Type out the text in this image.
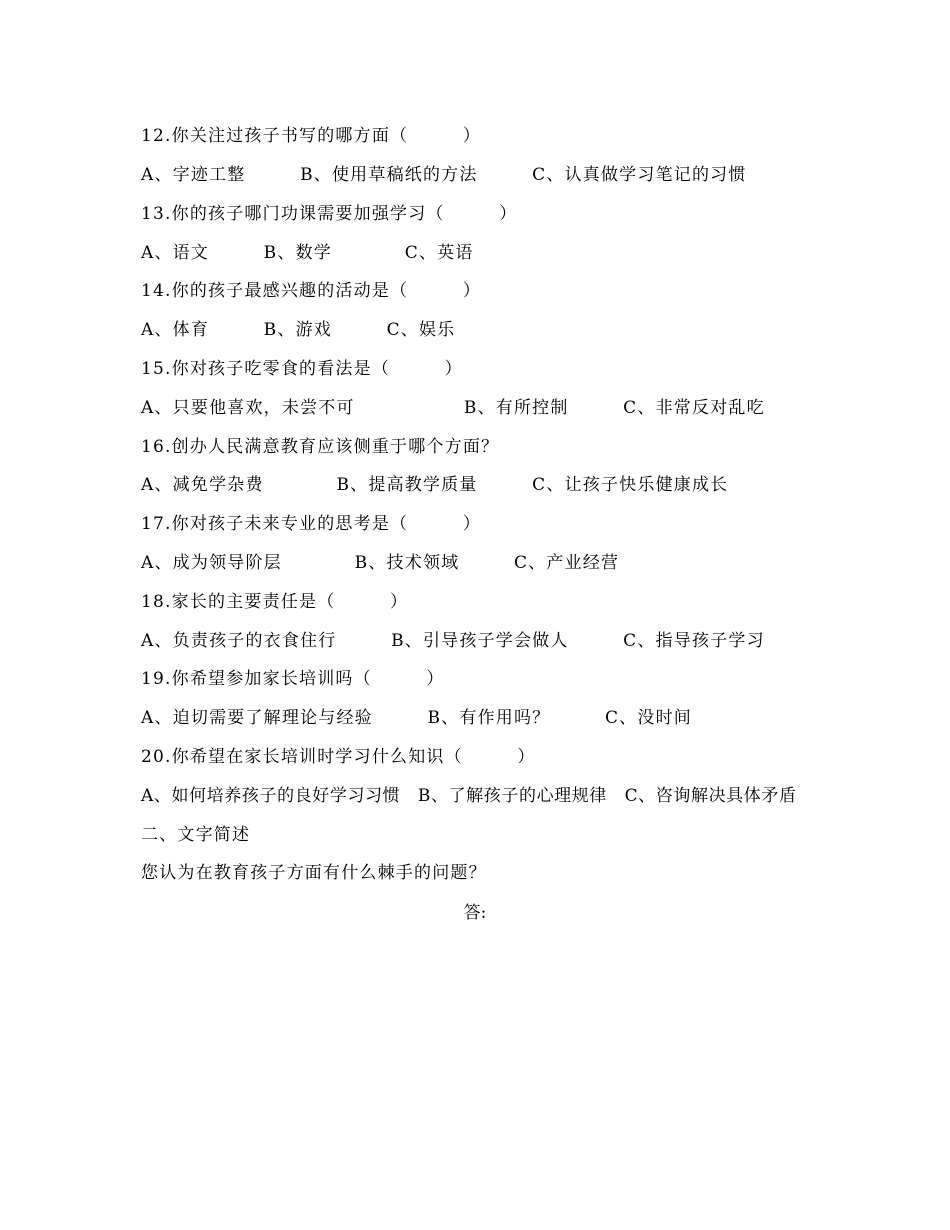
12.你关注过孩子书写的哪方面（　　　）
A、字迹工整　　　B、使用草稿纸的方法　　　C、认真做学习笔记的习惯
13.你的孩子哪门功课需要加强学习（　　　）
A、语文　　　B、数学　　　　C、英语
14.你的孩子最感兴趣的活动是（　　　）
A、体育　　　B、游戏　　　C、娱乐
15.你对孩子吃零食的看法是（　　　）
A、只要他喜欢，未尝不可　　　　　　B、有所控制　　　C、非常反对乱吃
16.创办人民满意教育应该侧重于哪个方面？
A、减免学杂费　　　　B、提高教学质量　　　C、让孩子快乐健康成长
17.你对孩子未来专业的思考是（　　　）
A、成为领导阶层　　　　B、技术领域　　　C、产业经营
18.家长的主要责任是（　　　）
A、负责孩子的衣食住行　　　B、引导孩子学会做人　　　C、指导孩子学习
19.你希望参加家长培训吗（　　　）
A、迫切需要了解理论与经验　　　B、有作用吗？　　　C、没时间
20.你希望在家长培训时学习什么知识（　　　）
A、如何培养孩子的良好学习习惯　B、了解孩子的心理规律　C、咨询解决具体矛盾
二、文字简述
您认为在教育孩子方面有什么棘手的问题？
答:
